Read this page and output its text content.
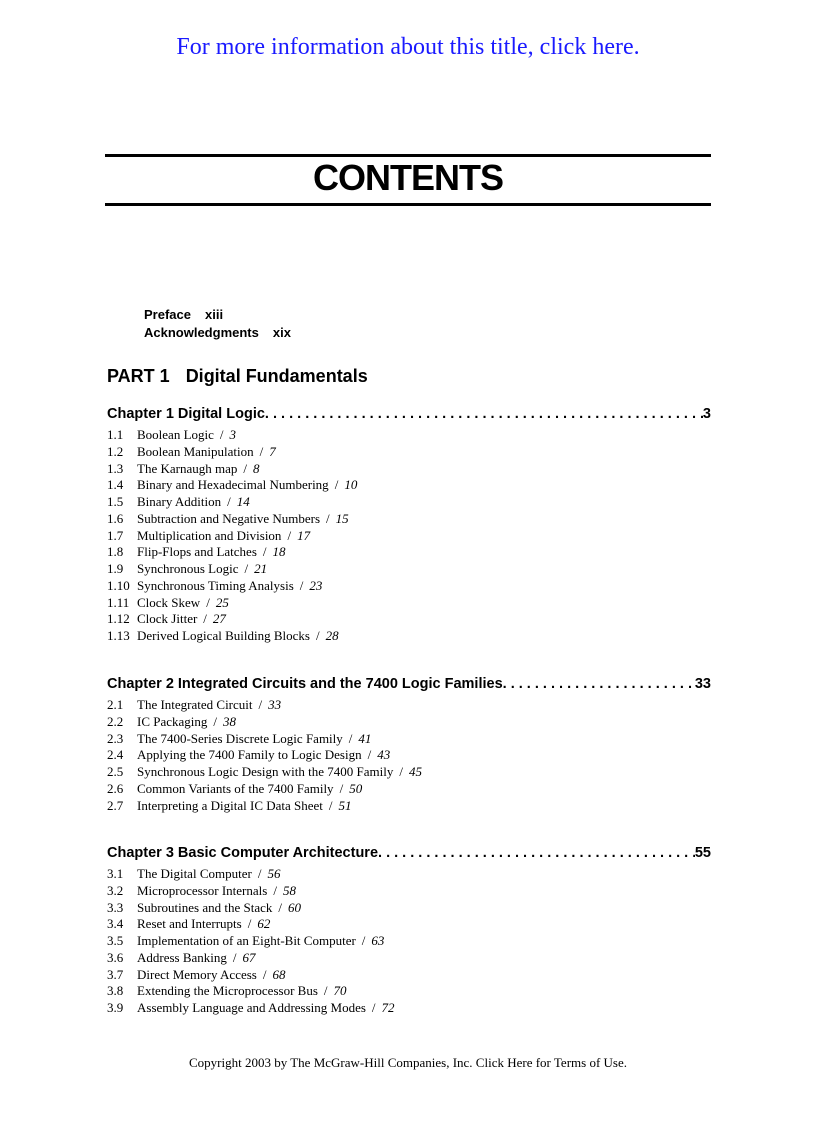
For more information about this title, click here.
CONTENTS
Preface xiii
Acknowledgments xix
PART 1 Digital Fundamentals
Chapter 1 Digital Logic . . .	3
1.1 Boolean Logic / 3
1.2 Boolean Manipulation / 7
1.3 The Karnaugh map / 8
1.4 Binary and Hexadecimal Numbering / 10
1.5 Binary Addition / 14
1.6 Subtraction and Negative Numbers / 15
1.7 Multiplication and Division / 17
1.8 Flip-Flops and Latches / 18
1.9 Synchronous Logic / 21
1.10 Synchronous Timing Analysis / 23
1.11 Clock Skew / 25
1.12 Clock Jitter / 27
1.13 Derived Logical Building Blocks / 28
Chapter 2 Integrated Circuits and the 7400 Logic Families . . .	33
2.1 The Integrated Circuit / 33
2.2 IC Packaging / 38
2.3 The 7400-Series Discrete Logic Family / 41
2.4 Applying the 7400 Family to Logic Design / 43
2.5 Synchronous Logic Design with the 7400 Family / 45
2.6 Common Variants of the 7400 Family / 50
2.7 Interpreting a Digital IC Data Sheet / 51
Chapter 3 Basic Computer Architecture . . .	55
3.1 The Digital Computer / 56
3.2 Microprocessor Internals / 58
3.3 Subroutines and the Stack / 60
3.4 Reset and Interrupts / 62
3.5 Implementation of an Eight-Bit Computer / 63
3.6 Address Banking / 67
3.7 Direct Memory Access / 68
3.8 Extending the Microprocessor Bus / 70
3.9 Assembly Language and Addressing Modes / 72
Copyright 2003 by The McGraw-Hill Companies, Inc. Click Here for Terms of Use.
